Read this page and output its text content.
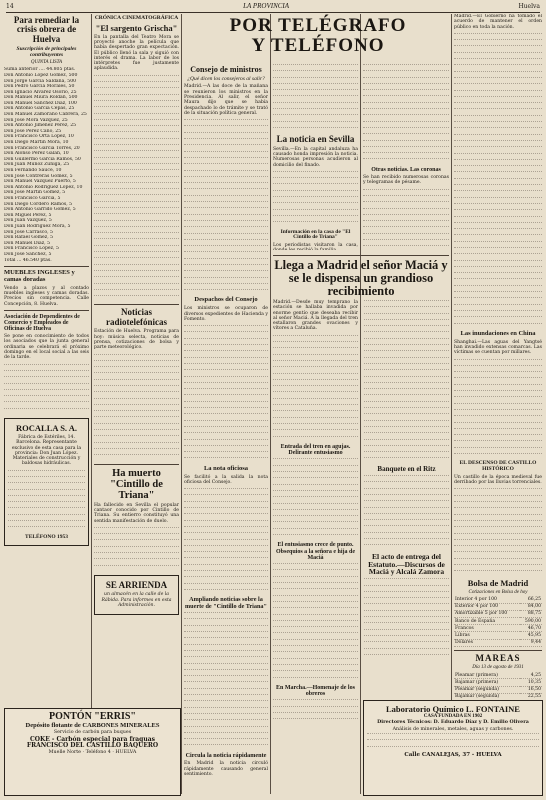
14	LA PROVINCIA	Huelva
Para remediar la crisis obrera de Huelva
Suscripción de principales contribuyentes
QUINTA LISTA
Suma anterior .... 44.805 ptas.
Don Antonio Lopez Gomez, 500
Don Jorge García Saldaña, 500
Don Pedro García Morales, 50
Don Ignacio Alvarez Osorio, 25
Don Manuel Miura Roldan, 500
Don Manuel Sánchez Díaz, 100
Don Antonio Garcia Cepas, 25
Don Manuel Zamorano Cabrera, 25
Don Jose Mora Vazquez, 25
Don Antonio Jimenez Perez, 25
Don José Perez Cano, 25
Don Francisco Orta Lopez, 10
Don Diego Martín Mora, 10
Don Francisco García Torres, 20
Don Alonso Pérez Galán, 10
Don Guillermo Garcia Ramos, 50
Don Juan Muñoz Zuñiga, 25
Don Fernando Sauce, 10
Don José Contreras Gomez, 5
Don Manuel Vazquez Puerto, 5
Don Antonio Rodriguez Lopez, 10
Don José Martin Gomez, 5
Don Francisco Garcia, 5
Don Diego Cordero Ramos, 5
Don Antonio Garrido Gomez, 5
Don Miguel Perez, 5
Don Juan Vazquez, 5
Don Juan Rodríguez Mora, 5
Don José Carrasco, 5
Don Rafael Gomez, 5
Don Manuel Díaz, 5
Don Francisco Lopez, 5
Don Jose Sanchez, 5
Total ... 46.540 ptas.
MUEBLES INGLESES y camas doradas

Vendo a plazos y al contado muebles ingleses y camas doradas. Precios sin competencia. Calle Concepción, 8. Huelva.

Asociación de Dependientes de Comercio y Empleados de Oficinas de Huelva

Se pone en conocimiento de todos los asociados que la junta general ordinaria se celebrará el próximo domingo en el local social a las seis de la tarde.

ROCALLA S. A.

Fábrica de Estériles, 14. Barcelona. Representante exclusivo de esta casa para la provincia: Don Juan López. Materiales de construcción y baldosas hidráulicas.

TELÉFONO 1953
CRÓNICA CINEMATOGRÁFICA
"El sargento Grischa"

En la pantalla del Teatro Mora se proyectó anoche la película que había despertado gran expectación. El público llenó la sala y siguió con interés el drama. La labor de los intérpretes fue justamente aplaudida.

Noticias radiotelefónicas

Estación de Huelva. Programa para hoy: música selecta, noticias de prensa, cotizaciones de bolsa y parte meteorológico.

Ha muerto "Cintillo de Triana"

Ha fallecido en Sevilla el popular cantaor conocido por Cintillo de Triana. Su entierro constituyó una sentida manifestación de duelo.

SE ARRIENDA

un almacén en la calle de la Rábida. Para informes en esta Administración.

POR TELÉGRAFO
Y TELÉFONO
Consejo de ministros
¿Qué dicen los consejeros al salir?

Madrid.—A las doce de la mañana se reunieron los ministros en la Presidencia. Al salir, el señor Maura dijo que se había despachado lo de trámite y se trató de la situación política general.

Despachos del Consejo

Los ministros se ocuparon de diversos expedientes de Hacienda y Fomento.

La nota oficiosa

Se facilitó a la salida la nota oficiosa del Consejo.

Ampliando noticias sobre la muerte de "Cintillo de Triana"
Circula la noticia rápidamente

En Madrid la noticia circuló rápidamente causando general sentimiento.

La noticia en Sevilla

Sevilla.—En la capital andaluza ha causado honda impresión la noticia. Numerosas personas acudieron al domicilio del finado.

Información en la casa de "El Cintillo de Triana"

Los periodistas visitaron la casa,

Otras noticias. Las coronas

Se han recibido numerosas coronas y telegramas de pésame.

Llega a Madrid el señor Maciá y se le dispensa un grandioso recibimiento

Madrid.—Desde muy temprano la estación se hallaba invadida por enorme gentío que deseaba recibir al señor Maciá. A la llegada del tren estallaron grandes ovaciones y vítores a Cataluña.

Entrada del tren en agujas. Delirante entusiasmo
El entusiasmo crece de punto. Obsequios a la señora e hija de Maciá
En Marcha.—Homenaje de los obreros
Banquete en el Ritz
El acto de entrega del Estatuto.—Discursos de Maciá y Alcalá Zamora

Madrid.—El Gobierno ha tomado el acuerdo de mantener el orden público en toda la nación.

Las inundaciones en China

Shanghai.—Las aguas del Yangtsé han invadido extensas comarcas. Las víctimas se cuentan por millares.

EL DESCENSO DE CASTILLO HISTÓRICO

Un castillo de la época medieval fue derribado por las lluvias torrenciales.

Bolsa de Madrid
Cotizaciones en Bolsa de hoy
Interior 4 por 100	66,25
Exterior 4 por 100	84,00
Amortizable 5 por 100	88,75
Banco de España	590,00
Francos	46,70
Libras	45,95
Dólares	9,44
MAREAS
Día 13 de agosto de 1931
Pleamar (primera)	4,25
Bajamar (primera)	10,35
Pleamar (segunda)	16,50
Bajamar (segunda)	22,55
PONTÓN "ERRIS"
Depósito flotante de CARBONES MINERALES

Servicio de carbón para buques

COKE - Carbón especial para fraguas

FRANCISCO DEL CASTILLO BAQUERO

Muelle Norte · Teléfono 4 · HUELVA

Laboratorio Químico L. FONTAINE
CASA FUNDADA EN 1902

Directores Técnicos: D. Eduardo Díaz y D. Emilio Olivera

Análisis de minerales, metales, aguas y carbones.

Calle CANALEJAS, 37 - HUELVA
